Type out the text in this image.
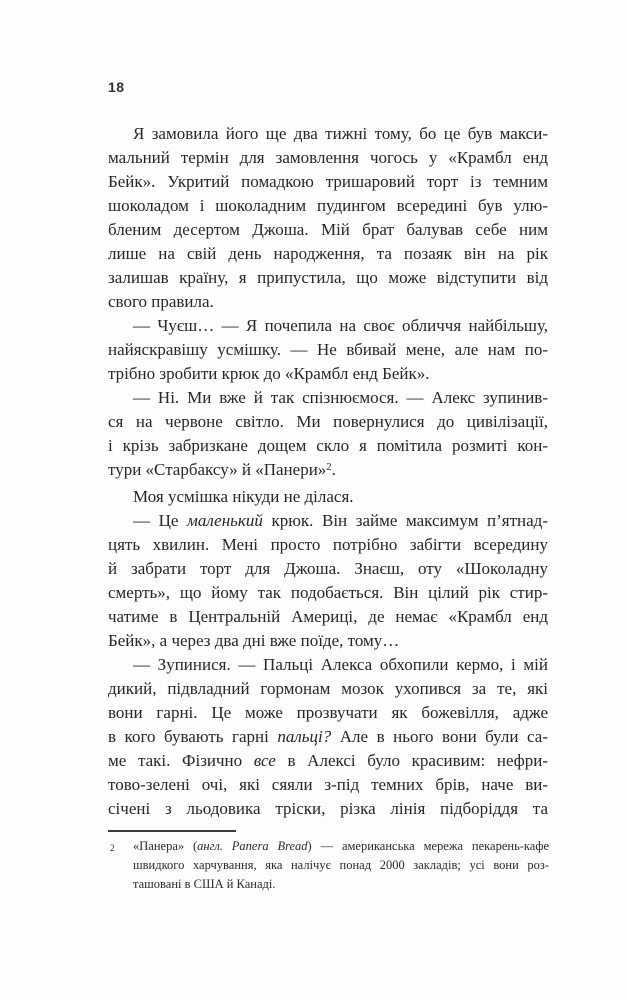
18
Я замовила його ще два тижні тому, бо це був макси-
мальний термін для замовлення чогось у «Крамбл енд
Бейк». Укритий помадкою тришаровий торт із темним
шоколадом і шоколадним пудингом всередині був улю-
бленим десертом Джоша. Мій брат балував себе ним
лише на свій день народження, та позаяк він на рік
залишав країну, я припустила, що може відступити від
свого правила.
— Чуєш… — Я почепила на своє обличчя найбільшу,
найяскравішу усмішку. — Не вбивай мене, але нам по-
трібно зробити крюк до «Крамбл енд Бейк».
— Ні. Ми вже й так спізнюємося. — Алекс зупинив-
ся на червоне світло. Ми повернулися до цивілізації,
і крізь забризкане дощем скло я помітила розмиті кон-
тури «Старбаксу» й «Панери»$^2$.
Моя усмішка нікуди не ділася.
— Це маленький крюк. Він займе максимум п’ятнад-
цять хвилин. Мені просто потрібно забігти всередину
й забрати торт для Джоша. Знаєш, оту «Шоколадну
смерть», що йому так подобається. Він цілий рік стир-
чатиме в Центральній Америці, де немає «Крамбл енд
Бейк», а через два дні вже поїде, тому…
— Зупинися. — Пальці Алекса обхопили кермо, і мій
дикий, підвладний гормонам мозок ухопився за те, які
вони гарні. Це може прозвучати як божевілля, адже
в кого бувають гарні пальці? Але в нього вони були са-
ме такі. Фізично все в Алексі було красивим: нефри-
тово-зелені очі, які сяяли з-під темних брів, наче ви-
січені з льодовика тріски, різка лінія підборіддя та
2 «Панера» (англ. Panera Bread) — американська мережа пекарень-кафе
швидкого харчування, яка налічує понад 2000 закладів; усі вони роз-
ташовані в США й Канаді.
